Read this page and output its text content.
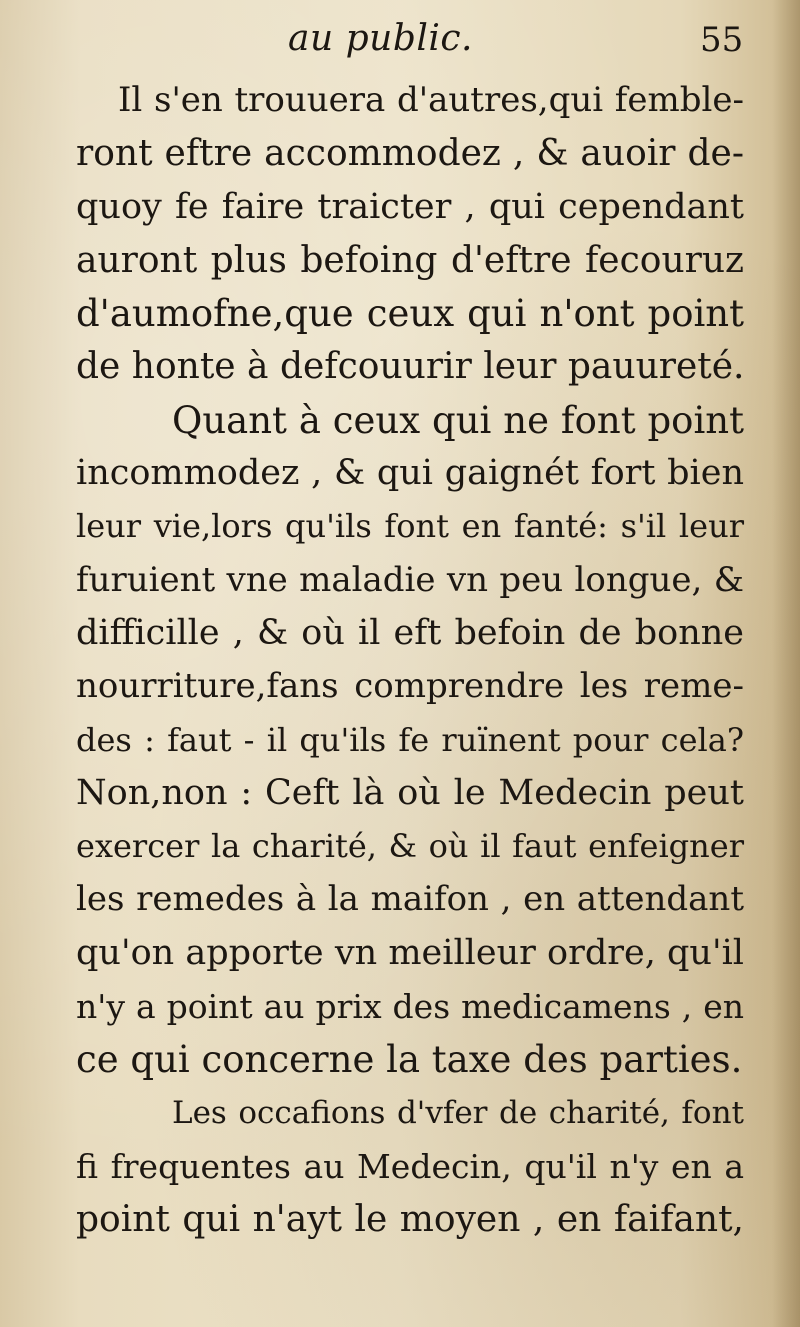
au public.	55
Il s'en trouuera d'autres,qui femble-
ront eftre accommodez , & auoir de-
quoy fe faire traicter , qui cependant
auront plus befoing d'eftre fecouruz
d'aumofne,que ceux qui n'ont point
de honte à defcouurir leur pauureté.
Quant à ceux qui ne font point
incommodez , & qui gaignét fort bien
leur vie,lors qu'ils font en fanté: s'il leur
furuient vne maladie vn peu longue, &
difficille , & où il eft befoin de bonne
nourriture,fans comprendre les reme-
des : faut - il qu'ils fe ruïnent pour cela?
Non,non : Ceft là où le Medecin peut
exercer la charité, & où il faut enfeigner
les remedes à la maifon , en attendant
qu'on apporte vn meilleur ordre, qu'il
n'y a point au prix des medicamens , en
ce qui concerne la taxe des parties.
Les occafions d'vfer de charité, font
fi frequentes au Medecin, qu'il n'y en a
point qui n'ayt le moyen , en faifant,
